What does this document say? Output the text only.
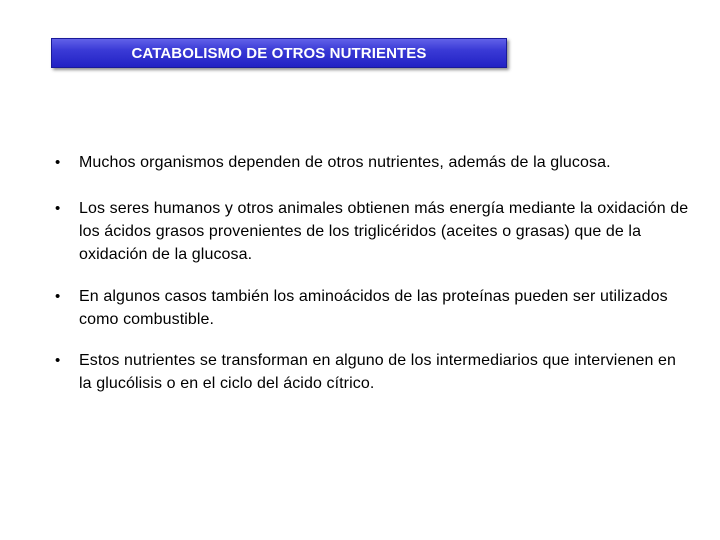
CATABOLISMO DE OTROS NUTRIENTES
• Muchos organismos dependen de otros nutrientes, además de la glucosa.
• Los seres humanos y otros animales obtienen más energía mediante la oxidación de los ácidos grasos provenientes de los triglicéridos (aceites o grasas) que de la oxidación de la glucosa.
• En algunos casos también los aminoácidos de las proteínas pueden ser utilizados como combustible.
• Estos nutrientes se transforman en alguno de los intermediarios que intervienen en la glucólisis o en el ciclo del ácido cítrico.
